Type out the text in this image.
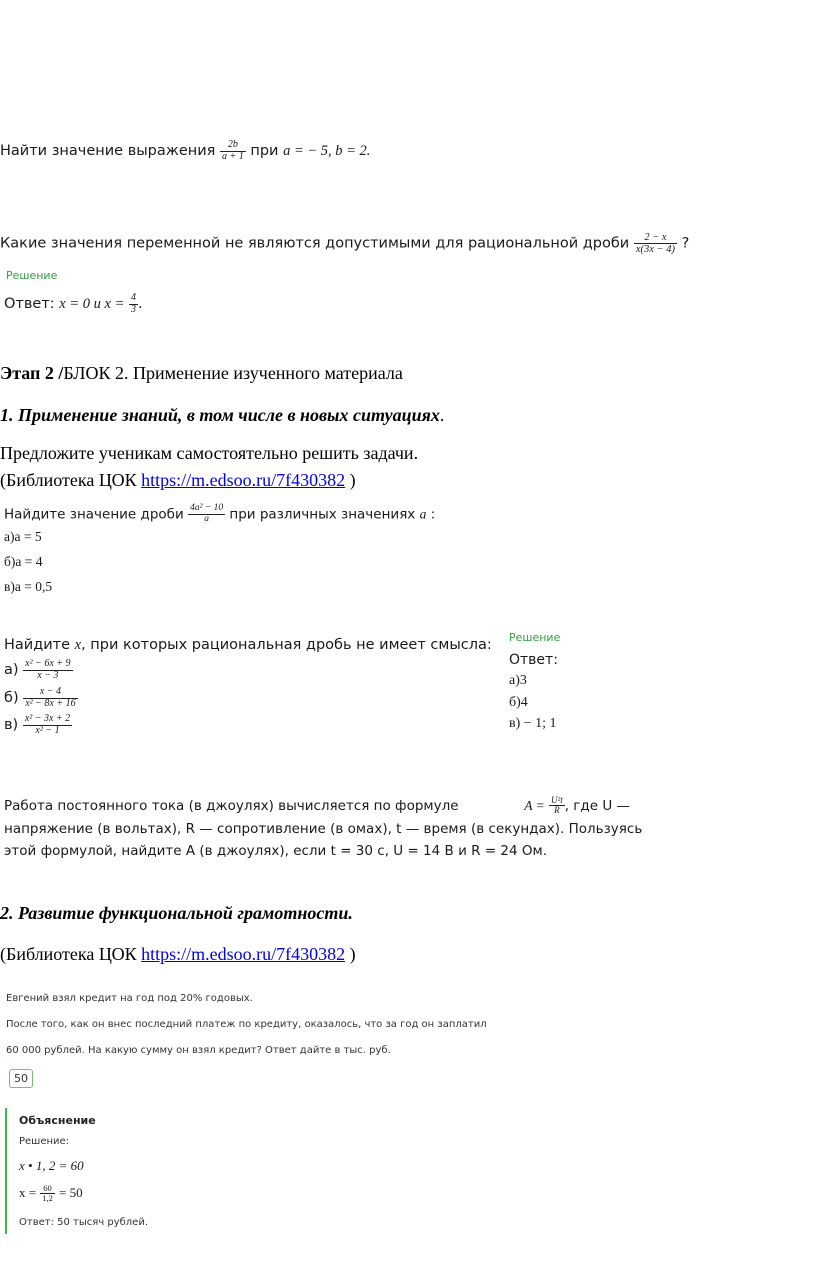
Найти значение выражения $\frac{2b}{a + 1}$ при a = − 5, b = 2.
Какие значения переменной не являются допустимыми для рациональной дроби $\frac{2 - x}{x(3x - 4)}$ ?
Решение
Ответ: x = 0 и $x = \frac{4}{3}$ .
Этап 2 /БЛОК 2. Применение изученного материала
1. Применение знаний, в том числе в новых ситуациях.
Предложите ученикам самостоятельно решить задачи.
(Библиотека ЦОК https://m.edsoo.ru/7f430382 )
Найдите значение дроби $\frac{\text{4a² − 10}}{a}$ при различных значениях a :
а)a = 5
б)a = 4
в)a = 0,5
Найдите x, при которых рациональная дробь не имеет смысла:
$а) \frac{\text{x² − 6x + 9}}{x - 3}$
$б) \frac{x - 4}{\text{x² − 8x + 16}}$
$в) \frac{\text{x² − 3x + 2}}{\text{x² − 1}}$
Решение
Ответ:
а)3
б)4
в) − 1; 1
Работа постоянного тока (в джоулях) вычисляется по формуле	$A = \frac{\text{U²t}}{R}$ , где U —
напряжение (в вольтах), R — сопротивление (в омах), t — время (в секундах). Пользуясь
этой формулой, найдите А (в джоулях), если t = 30 с, U = 14 В и R = 24 Ом.
2. Развитие функциональной грамотности.
(Библиотека ЦОК https://m.edsoo.ru/7f430382 )
Евгений взял кредит на год под 20% годовых.
После того, как он внес последний платеж по кредиту, оказалось, что за год он заплатил
60 000 рублей. На какую сумму он взял кредит? Ответ дайте в тыс. руб.
50
Объяснение
Решение:
x • 1, 2 = 60
$x = \frac{60}{1,2} = 50$
Ответ: 50 тысяч рублей.
